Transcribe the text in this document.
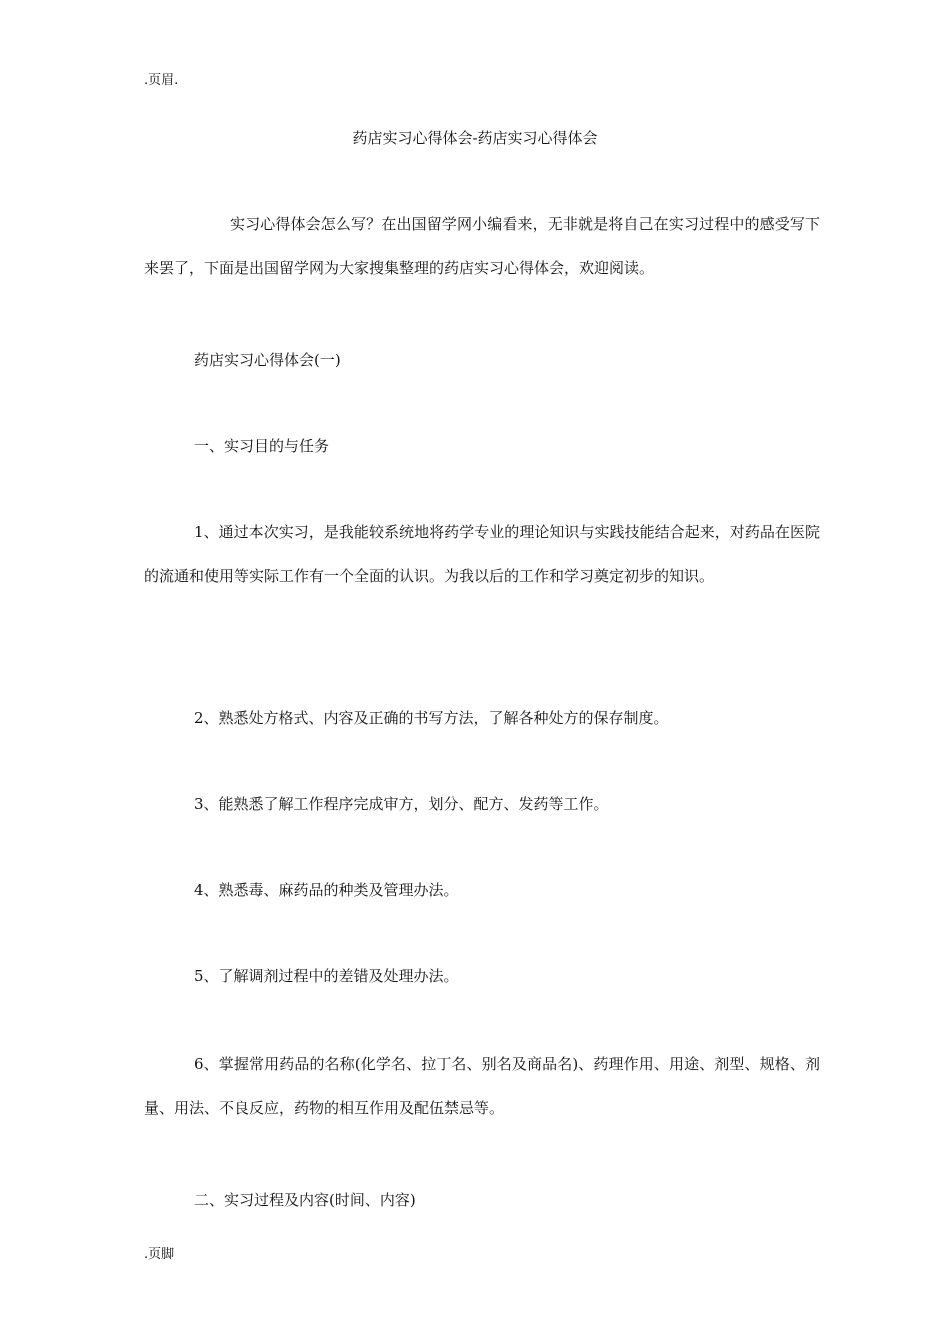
.页眉.
药店实习心得体会-药店实习心得体会

实习心得体会怎么写？在出国留学网小编看来，无非就是将自己在实习过程中的感受写下来罢了，下面是出国留学网为大家搜集整理的药店实习心得体会，欢迎阅读。

药店实习心得体会(一)

一、实习目的与任务

1、通过本次实习，是我能较系统地将药学专业的理论知识与实践技能结合起来，对药品在医院的流通和使用等实际工作有一个全面的认识。为我以后的工作和学习奠定初步的知识。

2、熟悉处方格式、内容及正确的书写方法，了解各种处方的保存制度。

3、能熟悉了解工作程序完成审方，划分、配方、发药等工作。

4、熟悉毒、麻药品的种类及管理办法。

5、了解调剂过程中的差错及处理办法。

6、掌握常用药品的名称(化学名、拉丁名、别名及商品名)、药理作用、用途、剂型、规格、剂量、用法、不良反应，药物的相互作用及配伍禁忌等。

二、实习过程及内容(时间、内容)

.页脚
